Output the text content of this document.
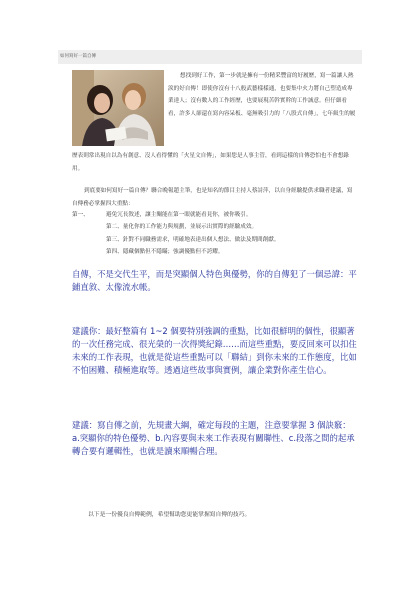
如何寫好一篇自傳
想找到好工作，第一步就是擁有一份精采豐富的好履歷，寫一篇讓人熱淚的好自傳！即使你沒有十八般武藝樣樣通，也要集中火力將自己塑造成專業達人；沒有數人的工作經歷，也要展現苦幹實幹的工作誠意。但仔細看看，許多人卻還在寫內容呆板、毫無吸引力的「八股式自傳」，七年級生的履
歷表則常出現自以為有創意、沒人看得懂的「火星文自傳」，如果您是人事主管，看到這樣的自傳恐怕也不會想錄用。
到底要如何寫好一篇自傳？聯合晚報趙主筆，也是知名的節目主持人蔡詩萍，以自身經驗提供求職者建議，寫自傳務必掌握四大重點：
第一、	避免冗長敘述，讓主闡能在第一眼就能看見你，被你吸引。
第二、量化你的工作能力與規劃，並展示出實際的經驗成效。
第三、針對不同職務需求，明確地表達出個人想法、做法及期間創獻。
第四、隱藏個點但不隱瞞；強調優點但不誇耀。
自傳，不是交代生平，而是突顯個人特色與優勢，你的自傳犯了一個忌諱：平鋪直敘、太像流水帳。
建議你：最好整篇有 1~2 個要特別強調的重點，比如很鮮明的個性，很顯著的一次任務完成、很光榮的一次得獎紀錄……而這些重點，要反回來可以扣住未來的工作表現，也就是從這些重點可以「聯結」到你未來的工作態度，比如不怕困難、積極進取等。透過這些故事與實例，讓企業對你產生信心。
建議：寫自傳之前，先規畫大綱，確定每段的主題，注意要掌握 3 個訣竅：a.突顯你的特色優勢、b.內容要與未來工作表現有關聯性、c.段落之間的起承轉合要有邏輯性，也就是讀來順暢合理。
以下是一份優良自傳範例，希望幫助您更能掌握寫自傳的技巧。
